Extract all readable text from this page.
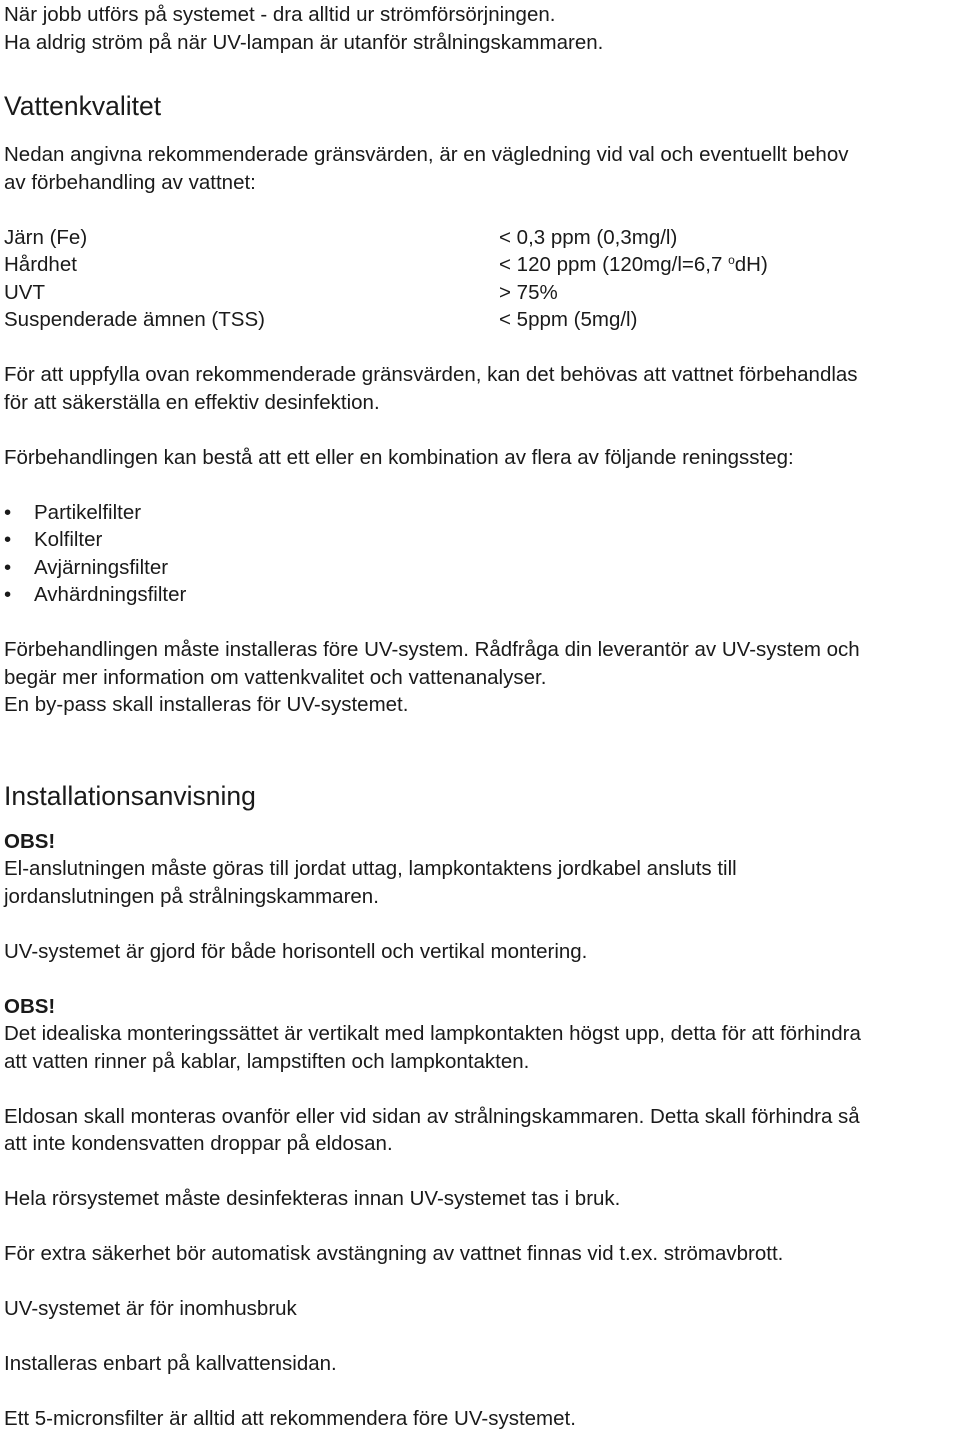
När jobb utförs på systemet - dra alltid ur strömförsörjningen.
Ha aldrig ström på när UV-lampan är utanför strålningskammaren.

Vattenkvalitet

Nedan angivna rekommenderade gränsvärden, är en vägledning vid val och eventuellt behov
av förbehandling av vattnet:

Järn (Fe)	< 0,3 ppm (0,3mg/l)
Hårdhet	< 120 ppm (120mg/l=6,7 $^o$dH)
UVT	> 75%
Suspenderade ämnen (TSS)	< 5ppm (5mg/l)

För att uppfylla ovan rekommenderade gränsvärden, kan det behövas att vattnet förbehandlas
för att säkerställa en effektiv desinfektion.

Förbehandlingen kan bestå att ett eller en kombination av flera av följande reningssteg:

• Partikelfilter
• Kolfilter
• Avjärningsfilter
• Avhärdningsfilter

Förbehandlingen måste installeras före UV-system. Rådfråga din leverantör av UV-system och
begär mer information om vattenkvalitet och vattenanalyser.
En by-pass skall installeras för UV-systemet.

Installationsanvisning

OBS!
El-anslutningen måste göras till jordat uttag, lampkontaktens jordkabel ansluts till
jordanslutningen på strålningskammaren.

UV-systemet är gjord för både horisontell och vertikal montering.

OBS!
Det idealiska monteringssättet är vertikalt med lampkontakten högst upp, detta för att förhindra
att vatten rinner på kablar, lampstiften och lampkontakten.

Eldosan skall monteras ovanför eller vid sidan av strålningskammaren. Detta skall förhindra så
att inte kondensvatten droppar på eldosan.

Hela rörsystemet måste desinfekteras innan UV-systemet tas i bruk.

För extra säkerhet bör automatisk avstängning av vattnet finnas vid t.ex. strömavbrott.

UV-systemet är för inomhusbruk

Installeras enbart på kallvattensidan.

Ett 5-micronsfilter är alltid att rekommendera före UV-systemet.
